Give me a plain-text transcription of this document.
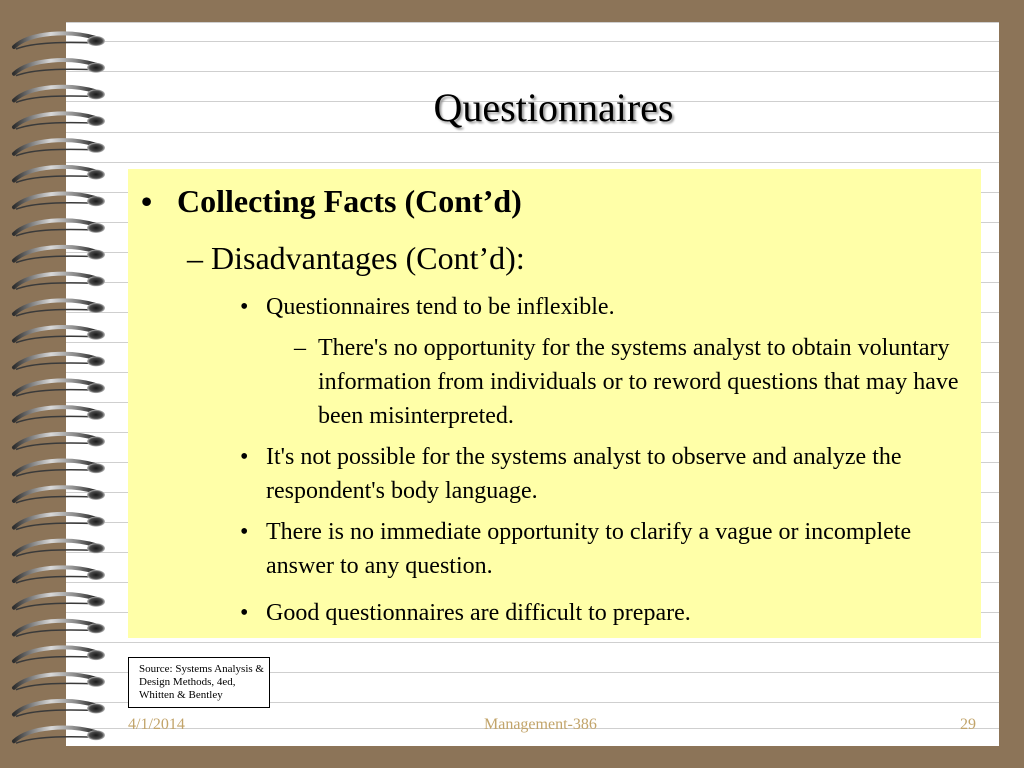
Questionnaires
• Collecting Facts (Cont’d)
– Disadvantages (Cont’d):
• Questionnaires tend to be inflexible.
– There's no opportunity for the systems analyst to obtain voluntary information from individuals or to reword questions that may have been misinterpreted.
• It's not possible for the systems analyst to observe and analyze the respondent's body language.
• There is no immediate opportunity to clarify a vague or incomplete answer to any question.
• Good questionnaires are difficult to prepare.
Source: Systems Analysis & Design Methods, 4ed, Whitten & Bentley
4/1/2014	Management-386	29
